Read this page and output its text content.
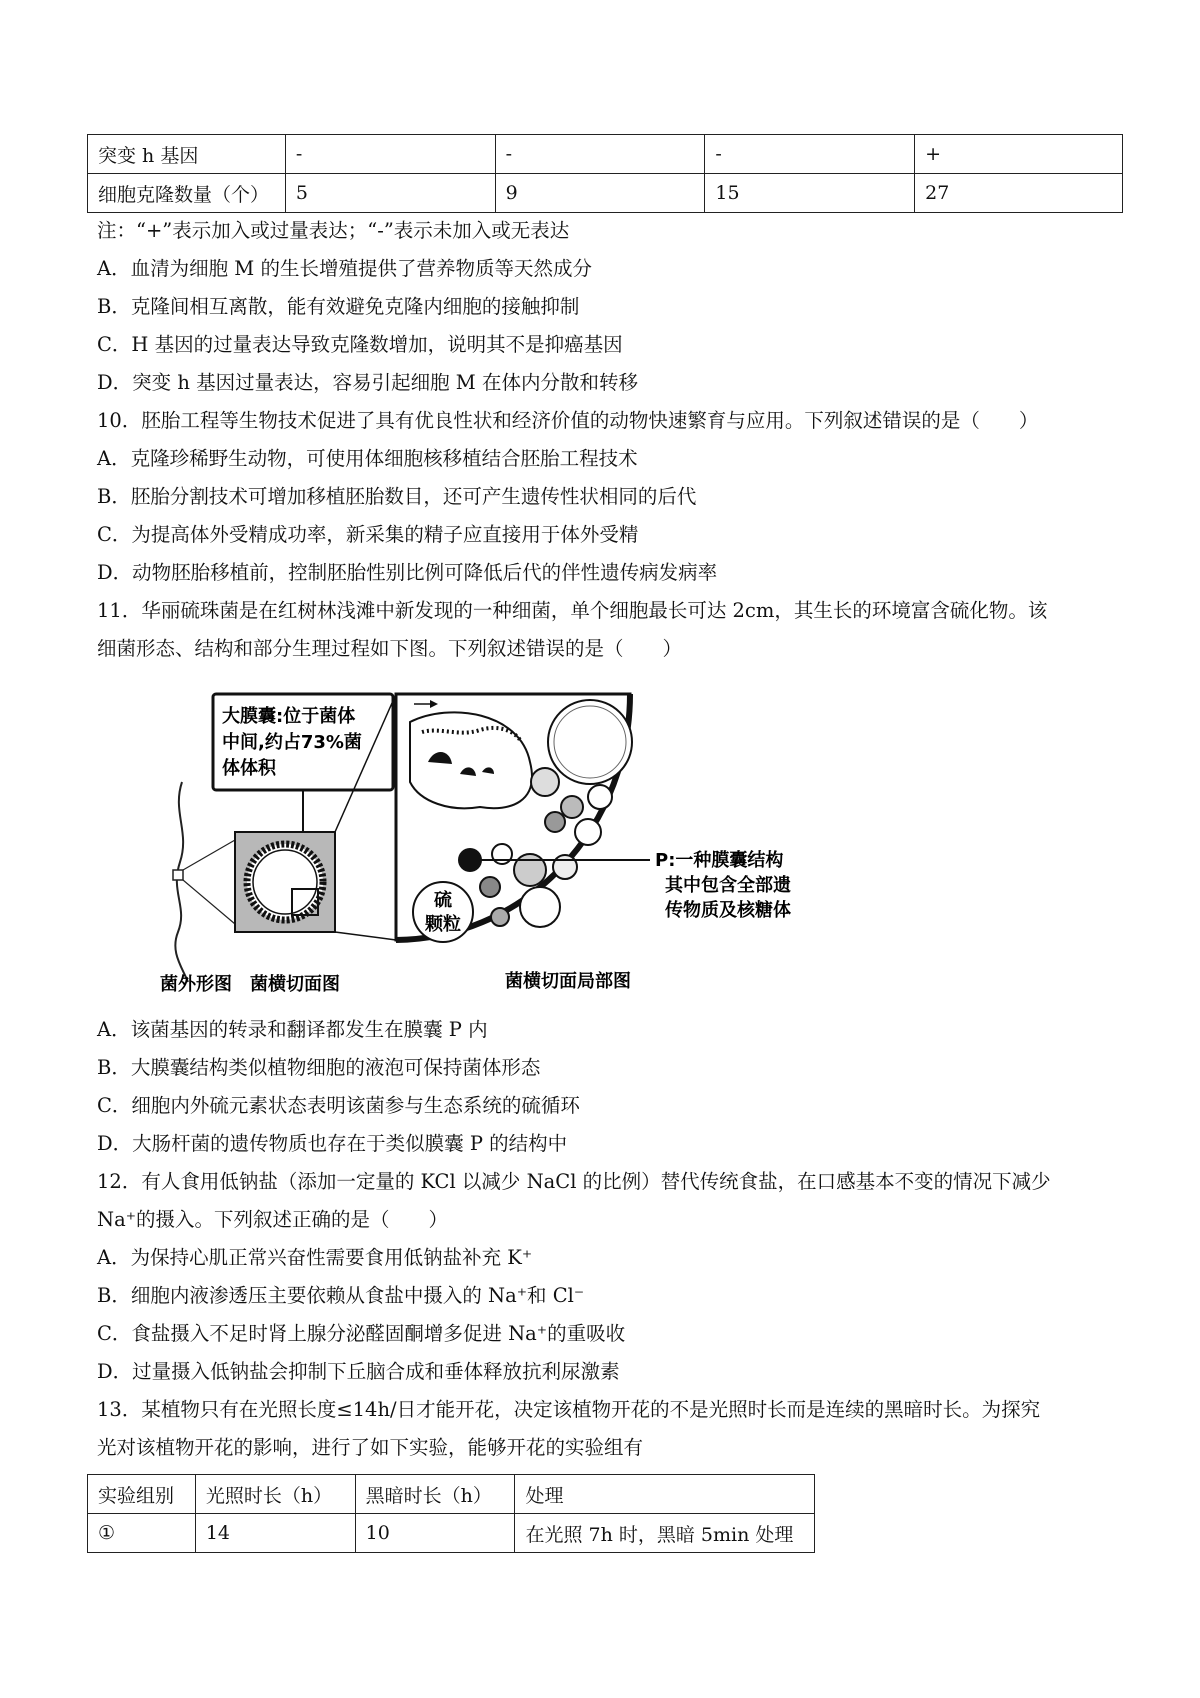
突变 h 基因	-	-	-	+
细胞克隆数量（个）	5	9	15	27
注：“+”表示加入或过量表达；“-”表示未加入或无表达
A．血清为细胞 M 的生长增殖提供了营养物质等天然成分
B．克隆间相互离散，能有效避免克隆内细胞的接触抑制
C．H 基因的过量表达导致克隆数增加，说明其不是抑癌基因
D．突变 h 基因过量表达，容易引起细胞 M 在体内分散和转移
10．胚胎工程等生物技术促进了具有优良性状和经济价值的动物快速繁育与应用。下列叙述错误的是（　　）
A．克隆珍稀野生动物，可使用体细胞核移植结合胚胎工程技术
B．胚胎分割技术可增加移植胚胎数目，还可产生遗传性状相同的后代
C．为提高体外受精成功率，新采集的精子应直接用于体外受精
D．动物胚胎移植前，控制胚胎性别比例可降低后代的伴性遗传病发病率
11．华丽硫珠菌是在红树林浅滩中新发现的一种细菌，单个细胞最长可达 2cm，其生长的环境富含硫化物。该
细菌形态、结构和部分生理过程如下图。下列叙述错误的是（　　）
大膜囊:位于菌体
中间,约占73%菌
体体积
硫
颗粒
P:一种膜囊结构
其中包含全部遗
传物质及核糖体
菌外形图 菌横切面图	菌横切面局部图
A．该菌基因的转录和翻译都发生在膜囊 P 内
B．大膜囊结构类似植物细胞的液泡可保持菌体形态
C．细胞内外硫元素状态表明该菌参与生态系统的硫循环
D．大肠杆菌的遗传物质也存在于类似膜囊 P 的结构中
12．有人食用低钠盐（添加一定量的 KCl 以减少 NaCl 的比例）替代传统食盐，在口感基本不变的情况下减少
Na⁺的摄入。下列叙述正确的是（　　）
A．为保持心肌正常兴奋性需要食用低钠盐补充 K⁺
B．细胞内液渗透压主要依赖从食盐中摄入的 Na⁺和 Cl⁻
C．食盐摄入不足时肾上腺分泌醛固酮增多促进 Na⁺的重吸收
D．过量摄入低钠盐会抑制下丘脑合成和垂体释放抗利尿激素
13．某植物只有在光照长度≤14h/日才能开花，决定该植物开花的不是光照时长而是连续的黑暗时长。为探究
光对该植物开花的影响，进行了如下实验，能够开花的实验组有
实验组别	光照时长（h）	黑暗时长（h）	处理
①	14	10	在光照 7h 时，黑暗 5min 处理
